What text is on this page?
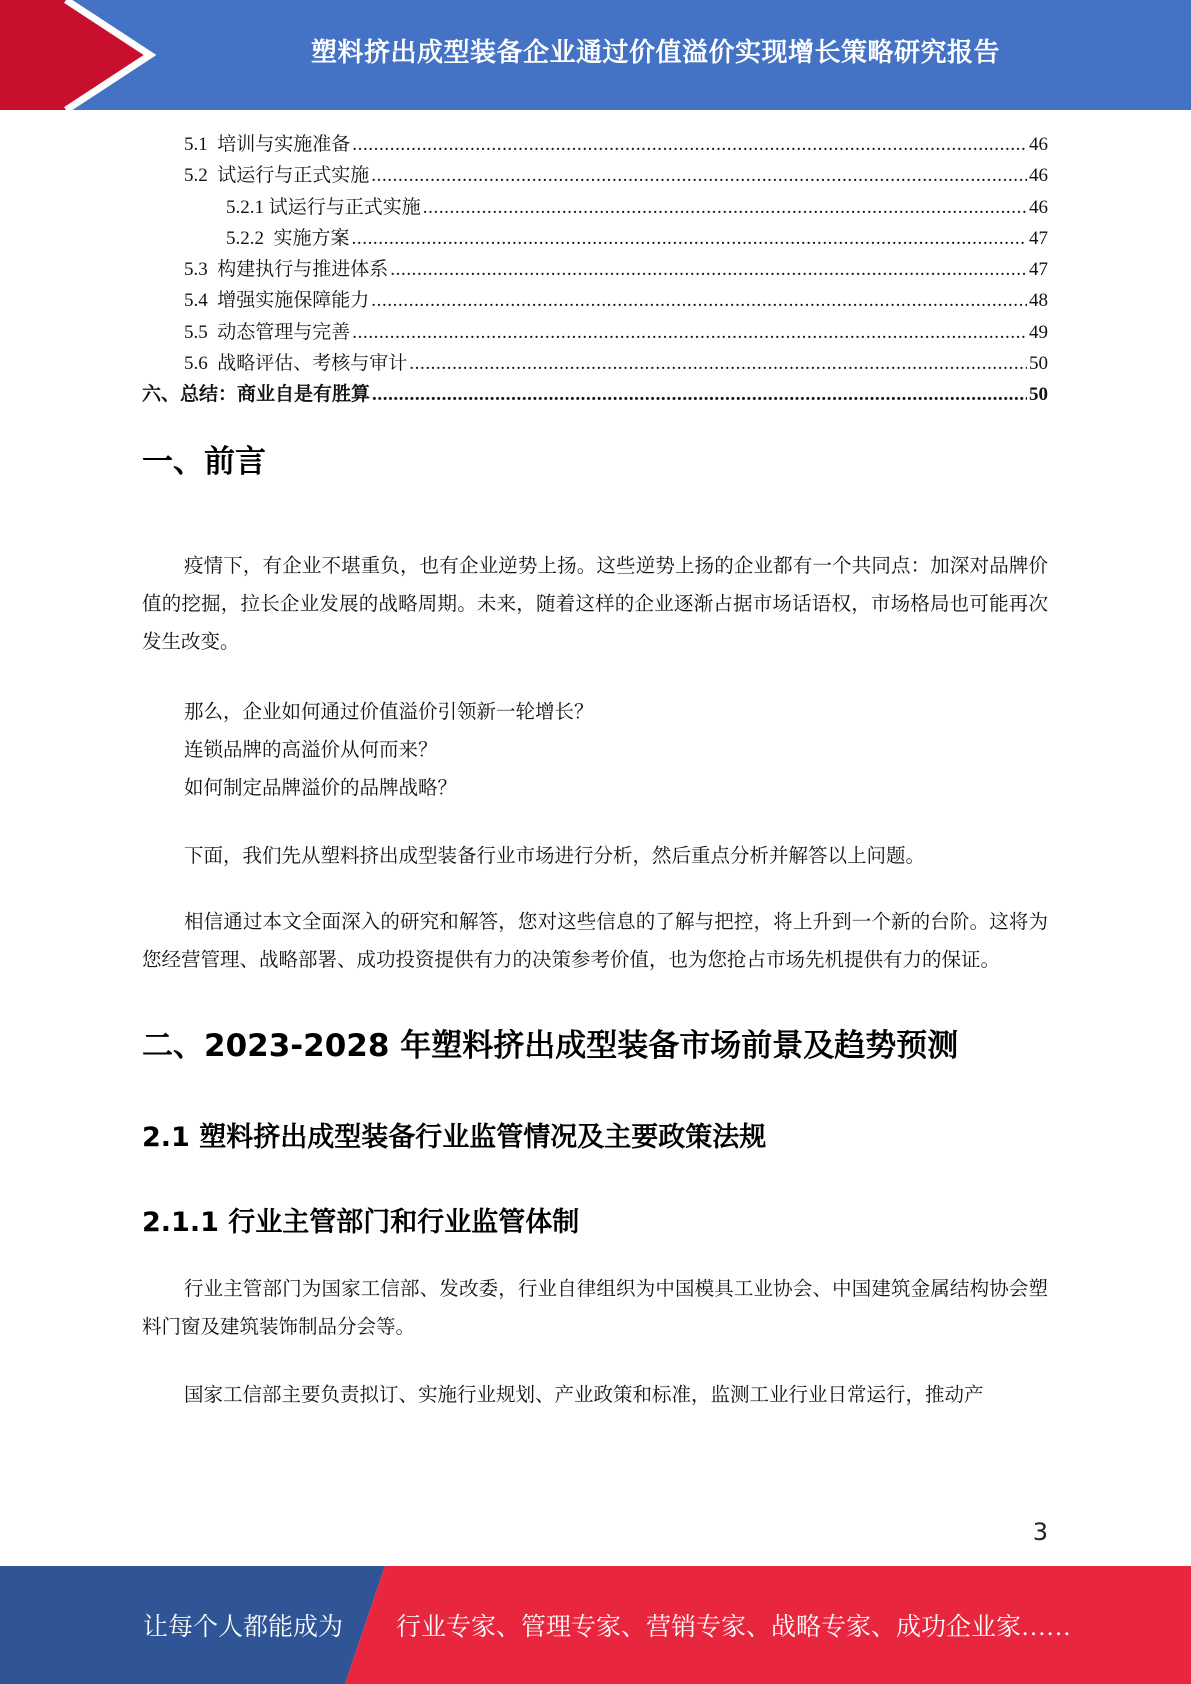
塑料挤出成型装备企业通过价值溢价实现增长策略研究报告
5.1 培训与实施准备 .....	46
5.2 试运行与正式实施 .....	46
5.2.1 试运行与正式实施 .....	46
5.2.2 实施方案 .....	47
5.3 构建执行与推进体系 .....	47
5.4 增强实施保障能力 .....	48
5.5 动态管理与完善 .....	49
5.6 战略评估、考核与审计 .....	50
六、总结：商业自是有胜算 .....	50
一、前言

疫情下，有企业不堪重负，也有企业逆势上扬。这些逆势上扬的企业都有一个共同点：加深对品牌价值的挖掘，拉长企业发展的战略周期。未来，随着这样的企业逐渐占据市场话语权，市场格局也可能再次发生改变。

那么，企业如何通过价值溢价引领新一轮增长？

连锁品牌的高溢价从何而来？

如何制定品牌溢价的品牌战略？

下面，我们先从塑料挤出成型装备行业市场进行分析，然后重点分析并解答以上问题。

相信通过本文全面深入的研究和解答，您对这些信息的了解与把控，将上升到一个新的台阶。这将为您经营管理、战略部署、成功投资提供有力的决策参考价值，也为您抢占市场先机提供有力的保证。

二、2023-2028 年塑料挤出成型装备市场前景及趋势预测
2.1 塑料挤出成型装备行业监管情况及主要政策法规
2.1.1 行业主管部门和行业监管体制

行业主管部门为国家工信部、发改委，行业自律组织为中国模具工业协会、中国建筑金属结构协会塑料门窗及建筑装饰制品分会等。

国家工信部主要负责拟订、实施行业规划、产业政策和标准，监测工业行业日常运行，推动产

3
让每个人都能成为 行业专家、管理专家、营销专家、战略专家、成功企业家……
